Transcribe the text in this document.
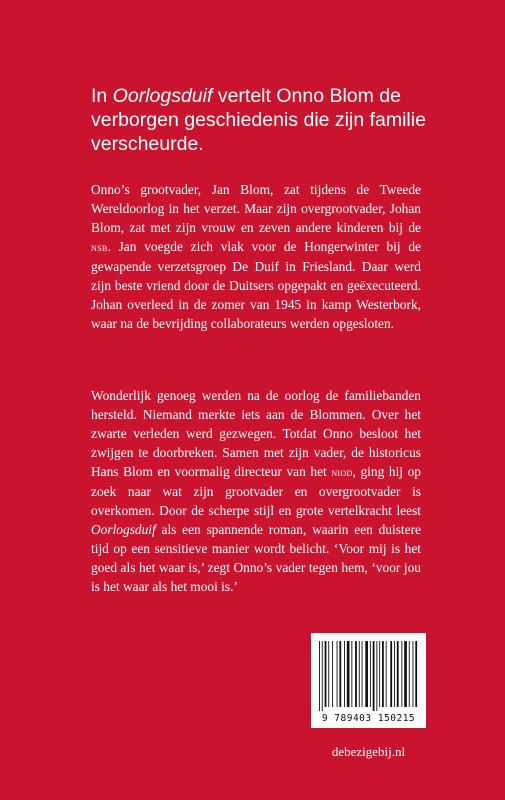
In Oorlogsduif vertelt Onno Blom de verborgen geschiedenis die zijn familie verscheurde.

Onno’s grootvader, Jan Blom, zat tijdens de Tweede Wereldoorlog in het verzet. Maar zijn overgrootvader, Johan Blom, zat met zijn vrouw en zeven andere kinderen bij de nsb. Jan voegde zich vlak voor de Hongerwinter bij de gewapende verzetsgroep De Duif in Friesland. Daar werd zijn beste vriend door de Duitsers opgepakt en geëxecuteerd. Johan overleed in de zomer van 1945 in kamp Westerbork, waar na de bevrijding collaborateurs werden opgesloten.

Wonderlijk genoeg werden na de oorlog de familiebanden hersteld. Niemand merkte iets aan de Blommen. Over het zwarte verleden werd gezwegen. Totdat Onno besloot het zwijgen te doorbreken. Samen met zijn vader, de historicus Hans Blom en voormalig directeur van het niod, ging hij op zoek naar wat zijn grootvader en overgrootvader is overkomen. Door de scherpe stijl en grote vertelkracht leest Oorlogsduif als een spannende roman, waarin een duistere tijd op een sensitieve manier wordt belicht. ‘Voor mij is het goed als het waar is,’ zegt Onno’s vader tegen hem, ‘voor jou is het waar als het mooi is.’

9 789403 150215
debezigebij.nl
